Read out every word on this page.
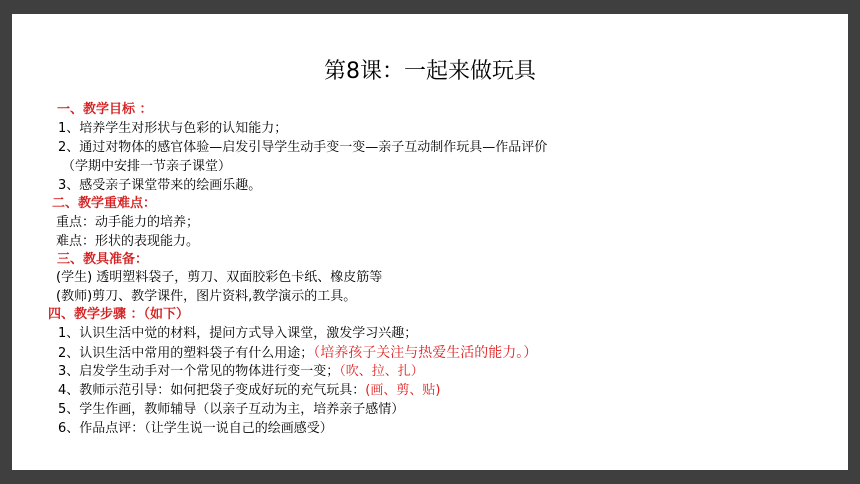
第8课：一起来做玩具
一、教学目标 ：
1、培养学生对形状与色彩的认知能力；
2、通过对物体的感官体验—启发引导学生动手变一变—亲子互动制作玩具—作品评价
（学期中安排一节亲子课堂）
3、感受亲子课堂带来的绘画乐趣。
二、教学重难点：
重点：动手能力的培养；
难点：形状的表现能力。
三、教具准备：
(学生) 透明塑料袋子，剪刀、双面胶彩色卡纸、橡皮筋等
(教师)剪刀、教学课件，图片资料,教学演示的工具。
四、教学步骤 ：（如下）
1、认识生活中觉的材料，提问方式导入课堂，激发学习兴趣；
2、认识生活中常用的塑料袋子有什么用途；（培养孩子关注与热爱生活的能力。）
3、启发学生动手对一个常见的物体进行变一变；（吹、拉、扎）
4、教师示范引导：如何把袋子变成好玩的充气玩具：(画、剪、贴)
5、学生作画，教师辅导（以亲子互动为主，培养亲子感情）
6、作品点评：（让学生说一说自己的绘画感受）
